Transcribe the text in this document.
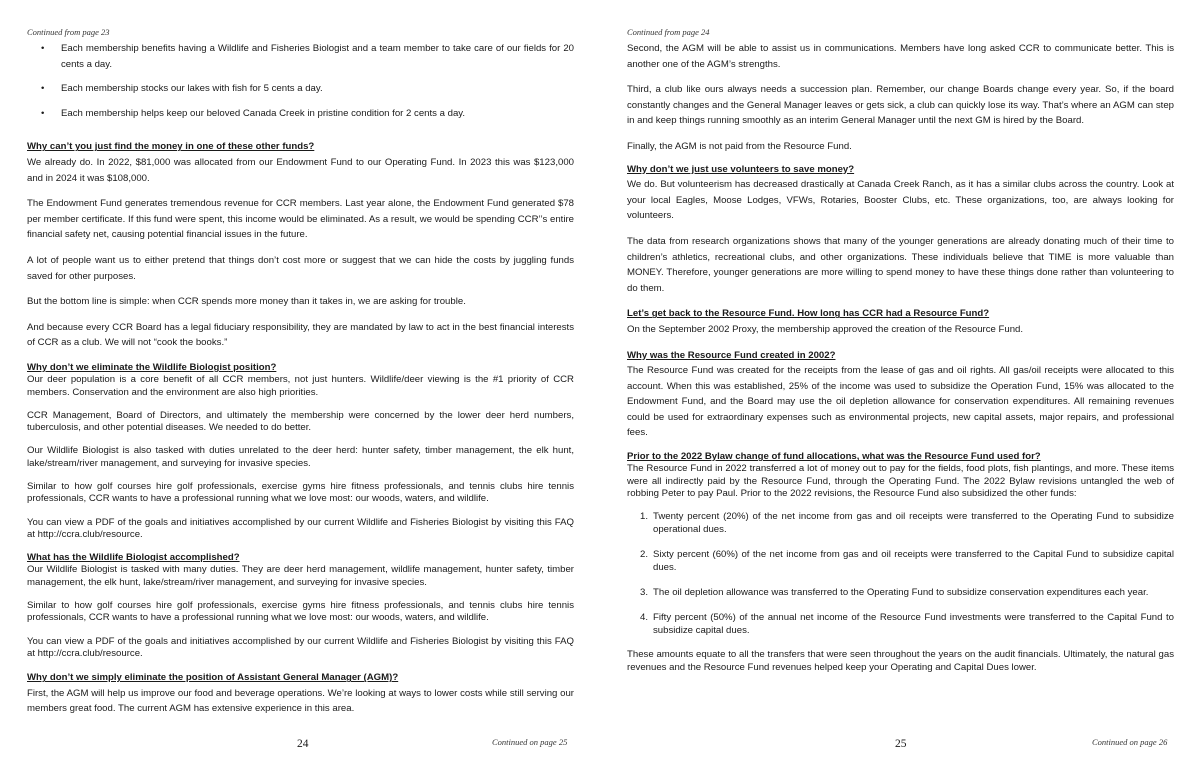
Continued from page 23

• Each membership benefits having a Wildlife and Fisheries Biologist and a team member to take care of our fields for 20 cents a day.

• Each membership stocks our lakes with fish for 5 cents a day.

• Each membership helps keep our beloved Canada Creek in pristine condition for 2 cents a day.

Why can’t you just find the money in one of these other funds?

We already do. In 2022, $81,000 was allocated from our Endowment Fund to our Operating Fund. In 2023 this was $123,000 and in 2024 it was $108,000.

The Endowment Fund generates tremendous revenue for CCR members. Last year alone, the Endowment Fund generated $78 per member certificate. If this fund were spent, this income would be eliminated. As a result, we would be spending CCR’’s entire financial safety net, causing potential financial issues in the future.

A lot of people want us to either pretend that things don’t cost more or suggest that we can hide the costs by juggling funds saved for other purposes.

But the bottom line is simple: when CCR spends more money than it takes in, we are asking for trouble.

And because every CCR Board has a legal fiduciary responsibility, they are mandated by law to act in the best financial interests of CCR as a club. We will not “cook the books.”

Why don’t we eliminate the Wildlife Biologist position?

Our deer population is a core benefit of all CCR members, not just hunters. Wildlife/deer viewing is the #1 priority of CCR members. Conservation and the environment are also high priorities.

CCR Management, Board of Directors, and ultimately the membership were concerned by the lower deer herd numbers, tuberculosis, and other potential diseases. We needed to do better.

Our Wildlife Biologist is also tasked with duties unrelated to the deer herd: hunter safety, timber management, the elk hunt, lake/stream/river management, and surveying for invasive species.

Similar to how golf courses hire golf professionals, exercise gyms hire fitness professionals, and tennis clubs hire tennis professionals, CCR wants to have a professional running what we love most: our woods, waters, and wildlife.

You can view a PDF of the goals and initiatives accomplished by our current Wildlife and Fisheries Biologist by visiting this FAQ at http://ccra.club/resource.

What has the Wildlife Biologist accomplished?

Our Wildlife Biologist is tasked with many duties. They are deer herd management, wildlife management, hunter safety, timber management, the elk hunt, lake/stream/river management, and surveying for invasive species.

Similar to how golf courses hire golf professionals, exercise gyms hire fitness professionals, and tennis clubs hire tennis professionals, CCR wants to have a professional running what we love most: our woods, waters, and wildlife.

You can view a PDF of the goals and initiatives accomplished by our current Wildlife and Fisheries Biologist by visiting this FAQ at http://ccra.club/resource.

Why don’t we simply eliminate the position of Assistant General Manager (AGM)?

First, the AGM will help us improve our food and beverage operations. We’re looking at ways to lower costs while still serving our members great food. The current AGM has extensive experience in this area.

24	Continued on page 25
Continued from page 24

Second, the AGM will be able to assist us in communications. Members have long asked CCR to communicate better. This is another one of the AGM’s strengths.

Third, a club like ours always needs a succession plan. Remember, our change Boards change every year. So, if the board constantly changes and the General Manager leaves or gets sick, a club can quickly lose its way. That’s where an AGM can step in and keep things running smoothly as an interim General Manager until the next GM is hired by the Board.

Finally, the AGM is not paid from the Resource Fund.

Why don’t we just use volunteers to save money?

We do. But volunteerism has decreased drastically at Canada Creek Ranch, as it has a similar clubs across the country. Look at your local Eagles, Moose Lodges, VFWs, Rotaries, Booster Clubs, etc. These organizations, too, are always looking for volunteers.

The data from research organizations shows that many of the younger generations are already donating much of their time to children’s athletics, recreational clubs, and other organizations. These individuals believe that TIME is more valuable than MONEY. Therefore, younger generations are more willing to spend money to have these things done rather than volunteering to do them.

Let’s get back to the Resource Fund. How long has CCR had a Resource Fund?

On the September 2002 Proxy, the membership approved the creation of the Resource Fund.

Why was the Resource Fund created in 2002?

The Resource Fund was created for the receipts from the lease of gas and oil rights. All gas/oil receipts were allocated to this account. When this was established, 25% of the income was used to subsidize the Operation Fund, 15% was allocated to the Endowment Fund, and the Board may use the oil depletion allowance for conservation expenditures. All remaining revenues could be used for extraordinary expenses such as environmental projects, new capital assets, major repairs, and professional fees.

Prior to the 2022 Bylaw change of fund allocations, what was the Resource Fund used for?

The Resource Fund in 2022 transferred a lot of money out to pay for the fields, food plots, fish plantings, and more. These items were all indirectly paid by the Resource Fund, through the Operating Fund. The 2022 Bylaw revisions untangled the web of robbing Peter to pay Paul. Prior to the 2022 revisions, the Resource Fund also subsidized the other funds:

1. Twenty percent (20%) of the net income from gas and oil receipts were transferred to the Operating Fund to subsidize operational dues.

2. Sixty percent (60%) of the net income from gas and oil receipts were transferred to the Capital Fund to subsidize capital dues.

3. The oil depletion allowance was transferred to the Operating Fund to subsidize conservation expenditures each year.

4. Fifty percent (50%) of the annual net income of the Resource Fund investments were transferred to the Capital Fund to subsidize capital dues.

These amounts equate to all the transfers that were seen throughout the years on the audit financials. Ultimately, the natural gas revenues and the Resource Fund revenues helped keep your Operating and Capital Dues lower.

25	Continued on page 26
